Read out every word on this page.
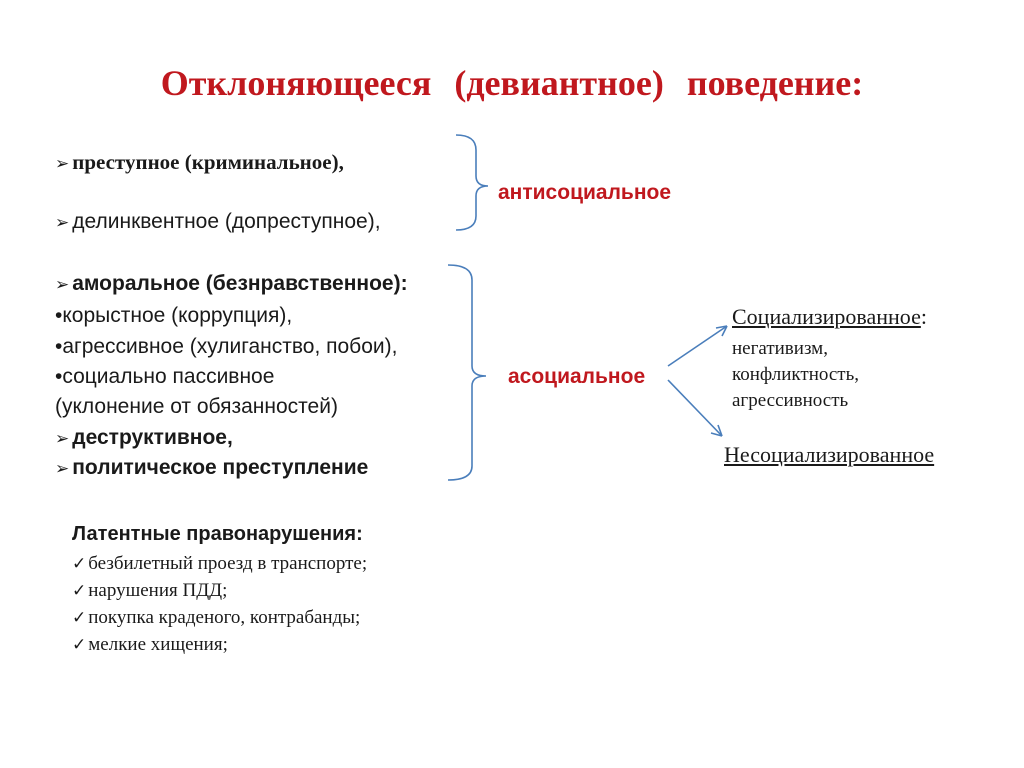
Отклоняющееся (девиантное) поведение:
➢ преступное (криминальное),
➢ делинквентное (допреступное),
антисоциальное
➢ аморальное (безнравственное):
•корыстное (коррупция),
•агрессивное (хулиганство, побои),
•социально пассивное
(уклонение от обязанностей)
➢ деструктивное,
➢ политическое преступление
асоциальное
Социализированное:
негативизм,
конфликтность,
агрессивность
Несоциализированное
Латентные правонарушения:
✓ безбилетный проезд в транспорте;
✓ нарушения ПДД;
✓ покупка краденого, контрабанды;
✓ мелкие хищения;
